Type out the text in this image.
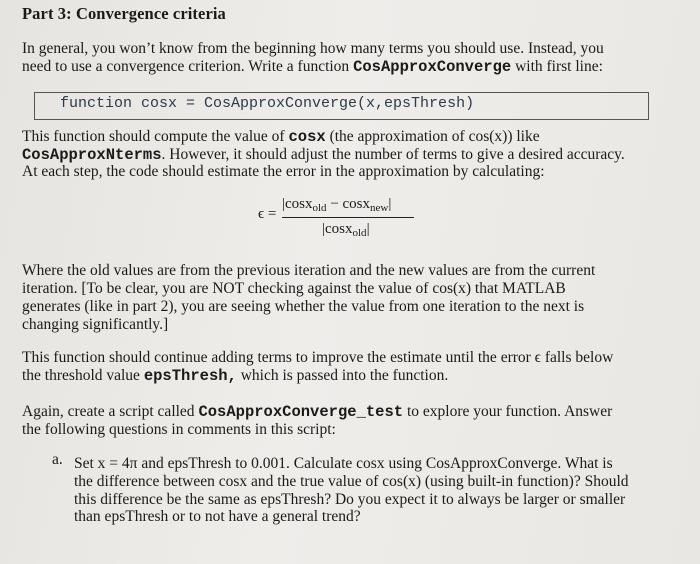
Part 3: Convergence criteria
In general, you won’t know from the beginning how many terms you should use. Instead, you
need to use a convergence criterion. Write a function CosApproxConverge with first line:
function cosx = CosApproxConverge(x,epsThresh)
This function should compute the value of cosx (the approximation of cos(x)) like
CosApproxNterms. However, it should adjust the number of terms to give a desired accuracy.
At each step, the code should estimate the error in the approximation by calculating:
ϵ =
|cosx$_{old}$ − cosx$_{new}$|
|cosx$_{old}$|
Where the old values are from the previous iteration and the new values are from the current
iteration. [To be clear, you are NOT checking against the value of cos(x) that MATLAB
generates (like in part 2), you are seeing whether the value from one iteration to the next is
changing significantly.]
This function should continue adding terms to improve the estimate until the error ϵ falls below
the threshold value epsThresh, which is passed into the function.
Again, create a script called CosApproxConverge_test to explore your function. Answer
the following questions in comments in this script:
a. Set x = 4π and epsThresh to 0.001. Calculate cosx using CosApproxConverge. What is
the difference between cosx and the true value of cos(x) (using built-in function)? Should
this difference be the same as epsThresh? Do you expect it to always be larger or smaller
than epsThresh or to not have a general trend?
